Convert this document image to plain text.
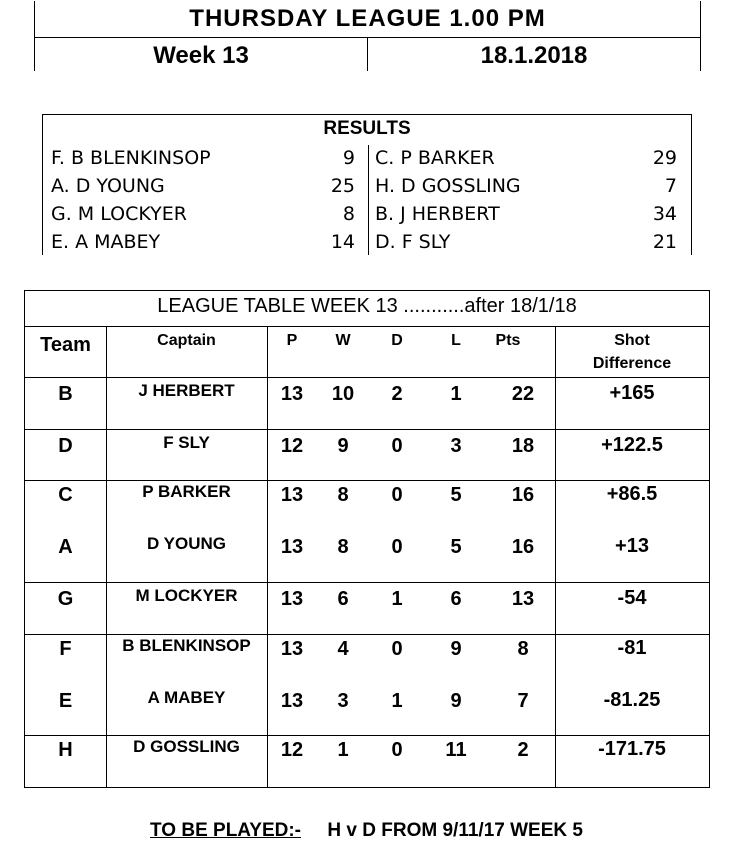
THURSDAY LEAGUE 1.00 PM
Week 13	18.1.2018
RESULTS
F. B BLENKINSOP	9
A. D YOUNG	25
G. M LOCKYER	8
E. A MABEY	14
C. P BARKER	29
H. D GOSSLING	7
B. J HERBERT	34
D. F SLY	21
LEAGUE TABLE WEEK 13 ...........after 18/1/18
Team	Captain	P	W	D	L	Pts	Shot
Difference
B	J HERBERT	13	10	2	1	22	+165
D	F SLY	12	9	0	3	18	+122.5
C	P BARKER	13	8	0	5	16	+86.5
A	D YOUNG	13	8	0	5	16	+13
G	M LOCKYER	13	6	1	6	13	-54
F	B BLENKINSOP	13	4	0	9	8	-81
E	A MABEY	13	3	1	9	7	-81.25
H	D GOSSLING	12	1	0	11	2	-171.75
TO BE PLAYED:- H v D FROM 9/11/17 WEEK 5
